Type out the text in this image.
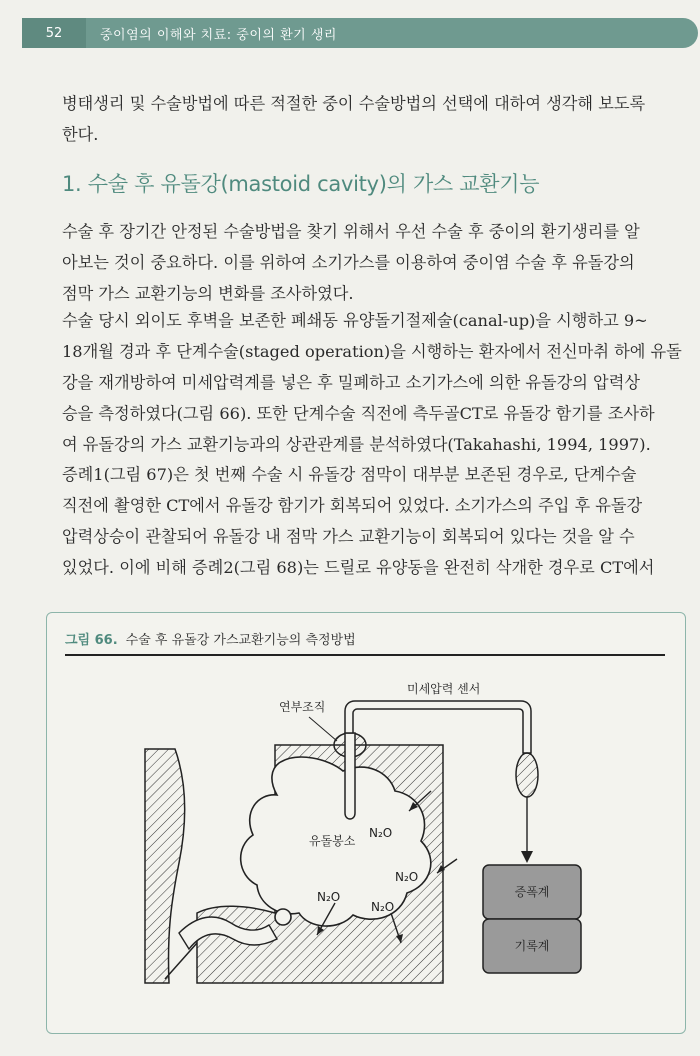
52	중이염의 이해와 치료: 중이의 환기 생리

병태생리 및 수술방법에 따른 적절한 중이 수술방법의 선택에 대하여 생각해 보도록
한다.

1. 수술 후 유돌강(mastoid cavity)의 가스 교환기능

수술 후 장기간 안정된 수술방법을 찾기 위해서 우선 수술 후 중이의 환기생리를 알
아보는 것이 중요하다. 이를 위하여 소기가스를 이용하여 중이염 수술 후 유돌강의
점막 가스 교환기능의 변화를 조사하였다.

수술 당시 외이도 후벽을 보존한 폐쇄동 유양돌기절제술(canal-up)을 시행하고 9~
18개월 경과 후 단계수술(staged operation)을 시행하는 환자에서 전신마취 하에 유돌
강을 재개방하여 미세압력계를 넣은 후 밀폐하고 소기가스에 의한 유돌강의 압력상
승을 측정하였다(그림 66). 또한 단계수술 직전에 측두골CT로 유돌강 함기를 조사하
여 유돌강의 가스 교환기능과의 상관관계를 분석하였다(Takahashi, 1994, 1997).

증례1(그림 67)은 첫 번째 수술 시 유돌강 점막이 대부분 보존된 경우로, 단계수술
직전에 촬영한 CT에서 유돌강 함기가 회복되어 있었다. 소기가스의 주입 후 유돌강
압력상승이 관찰되어 유돌강 내 점막 가스 교환기능이 회복되어 있다는 것을 알 수
있었다. 이에 비해 증례2(그림 68)는 드릴로 유양동을 완전히 삭개한 경우로 CT에서

그림 66. 수술 후 유돌강 가스교환기능의 측정방법
미세압력 센서
연부조직
유돌봉소
N₂O
N₂O
N₂O
N₂O
증폭계
기록계
